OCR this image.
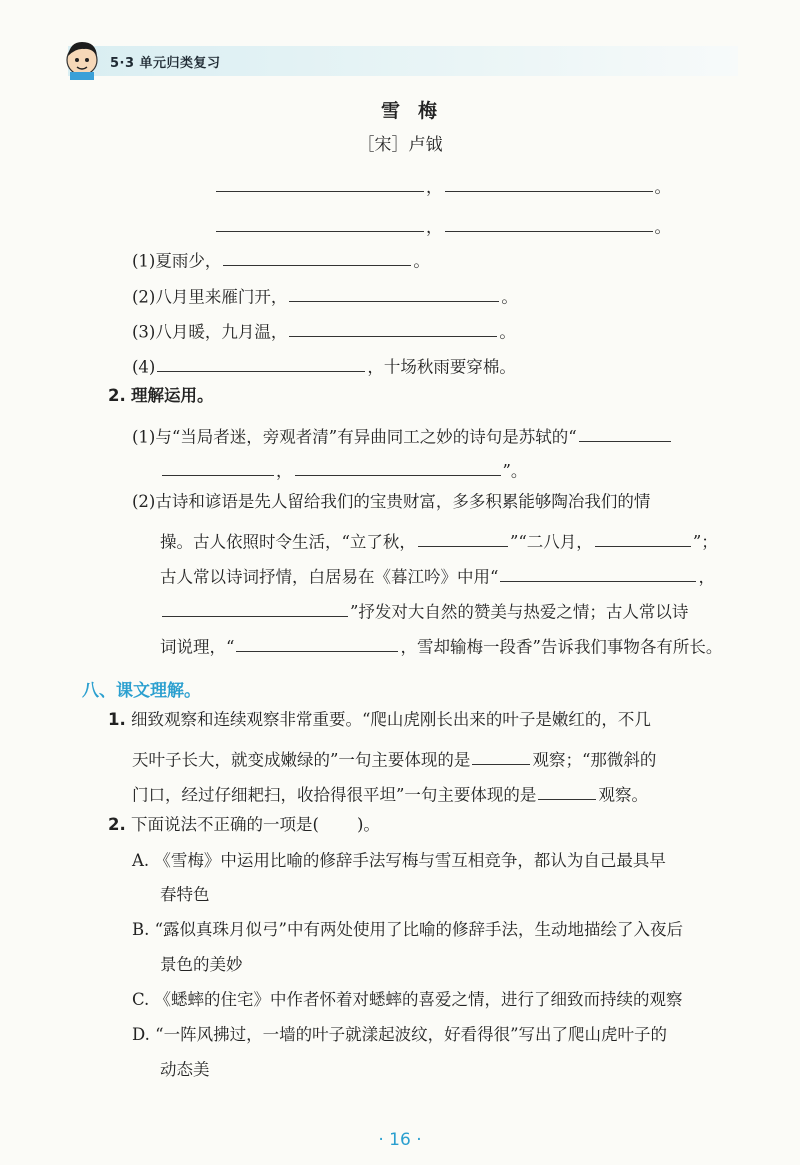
5·3 单元归类复习
雪梅
［宋］卢钺
，	。
，	。
(1)夏雨少，	。
(2)八月里来雁门开，	。
(3)八月暖，九月温，	。
(4)	，十场秋雨要穿棉。
2. 理解运用。
(1)与“当局者迷，旁观者清”有异曲同工之妙的诗句是苏轼的“
，	”。
(2)古诗和谚语是先人留给我们的宝贵财富，多多积累能够陶冶我们的情
操。古人依照时令生活，“立了秋，	”“二八月，	”；
古人常以诗词抒情，白居易在《暮江吟》中用“	，
”抒发对大自然的赞美与热爱之情；古人常以诗
词说理，“	，雪却输梅一段香”告诉我们事物各有所长。
八、课文理解。
1. 细致观察和连续观察非常重要。“爬山虎刚长出来的叶子是嫩红的，不几
天叶子长大，就变成嫩绿的”一句主要体现的是	观察；“那微斜的
门口，经过仔细耙扫，收拾得很平坦”一句主要体现的是	观察。
2. 下面说法不正确的一项是( )。
A. 《雪梅》中运用比喻的修辞手法写梅与雪互相竞争，都认为自己最具早
春特色
B. “露似真珠月似弓”中有两处使用了比喻的修辞手法，生动地描绘了入夜后
景色的美妙
C. 《蟋蟀的住宅》中作者怀着对蟋蟀的喜爱之情，进行了细致而持续的观察
D. “一阵风拂过，一墙的叶子就漾起波纹，好看得很”写出了爬山虎叶子的
动态美
· 16 ·
